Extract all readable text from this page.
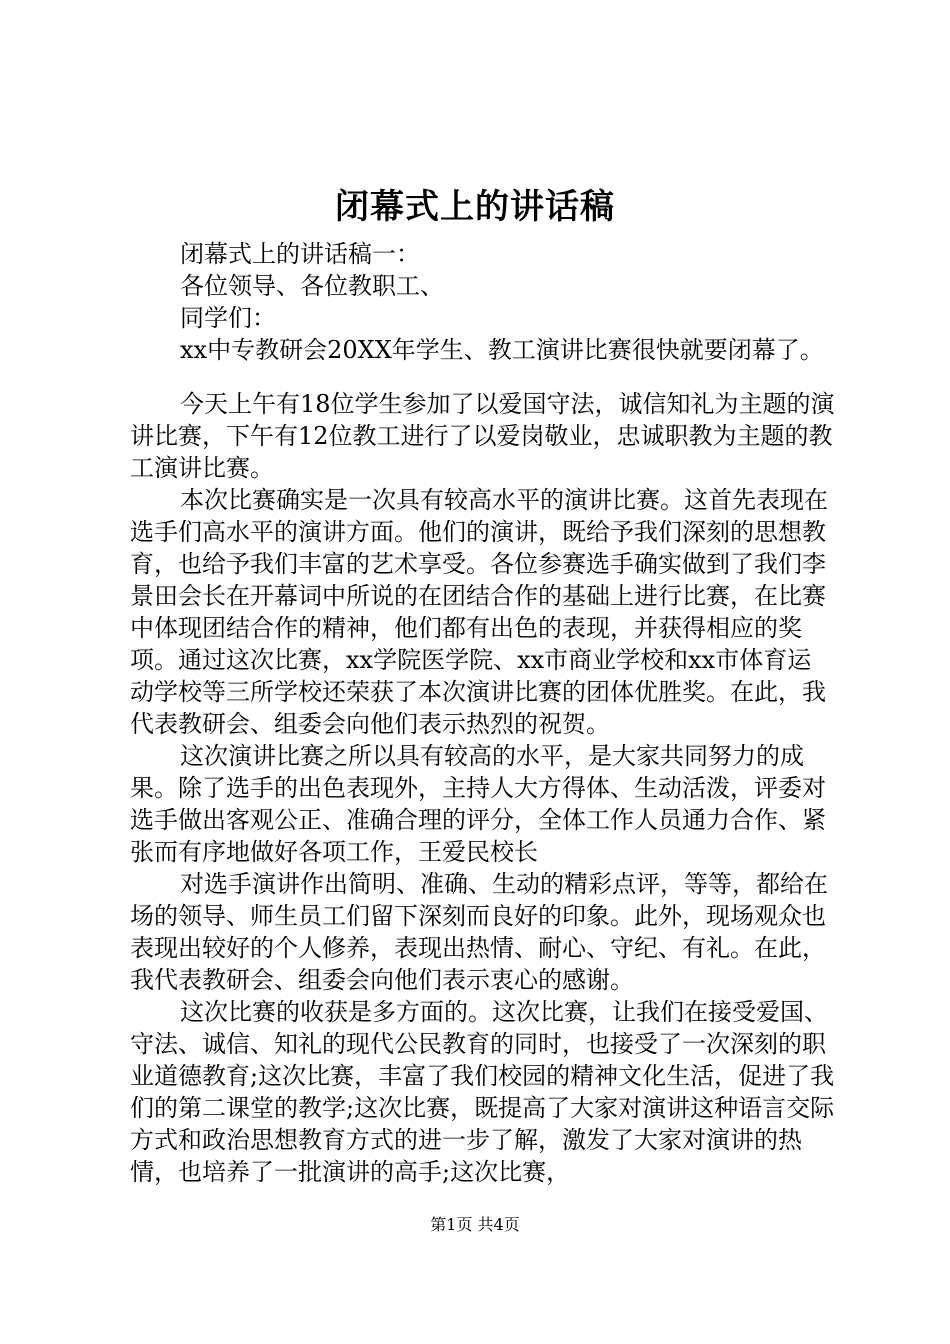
闭幕式上的讲话稿

闭幕式上的讲话稿一：

各位领导、各位教职工、

同学们：

xx中专教研会20XX年学生、教工演讲比赛很快就要闭幕了。

今天上午有18位学生参加了以爱国守法，诚信知礼为主题的演讲比赛，下午有12位教工进行了以爱岗敬业，忠诚职教为主题的教工演讲比赛。

本次比赛确实是一次具有较高水平的演讲比赛。这首先表现在选手们高水平的演讲方面。他们的演讲，既给予我们深刻的思想教育，也给予我们丰富的艺术享受。各位参赛选手确实做到了我们李景田会长在开幕词中所说的在团结合作的基础上进行比赛，在比赛中体现团结合作的精神，他们都有出色的表现，并获得相应的奖项。通过这次比赛，xx学院医学院、xx市商业学校和xx市体育运动学校等三所学校还荣获了本次演讲比赛的团体优胜奖。在此，我代表教研会、组委会向他们表示热烈的祝贺。

这次演讲比赛之所以具有较高的水平，是大家共同努力的成果。除了选手的出色表现外，主持人大方得体、生动活泼，评委对选手做出客观公正、准确合理的评分，全体工作人员通力合作、紧张而有序地做好各项工作，王爱民校长

对选手演讲作出简明、准确、生动的精彩点评，等等，都给在场的领导、师生员工们留下深刻而良好的印象。此外，现场观众也表现出较好的个人修养，表现出热情、耐心、守纪、有礼。在此，我代表教研会、组委会向他们表示衷心的感谢。

这次比赛的收获是多方面的。这次比赛，让我们在接受爱国、守法、诚信、知礼的现代公民教育的同时，也接受了一次深刻的职业道德教育;这次比赛，丰富了我们校园的精神文化生活，促进了我们的第二课堂的教学;这次比赛，既提高了大家对演讲这种语言交际方式和政治思想教育方式的进一步了解，激发了大家对演讲的热情，也培养了一批演讲的高手;这次比赛，

第1页 共4页
